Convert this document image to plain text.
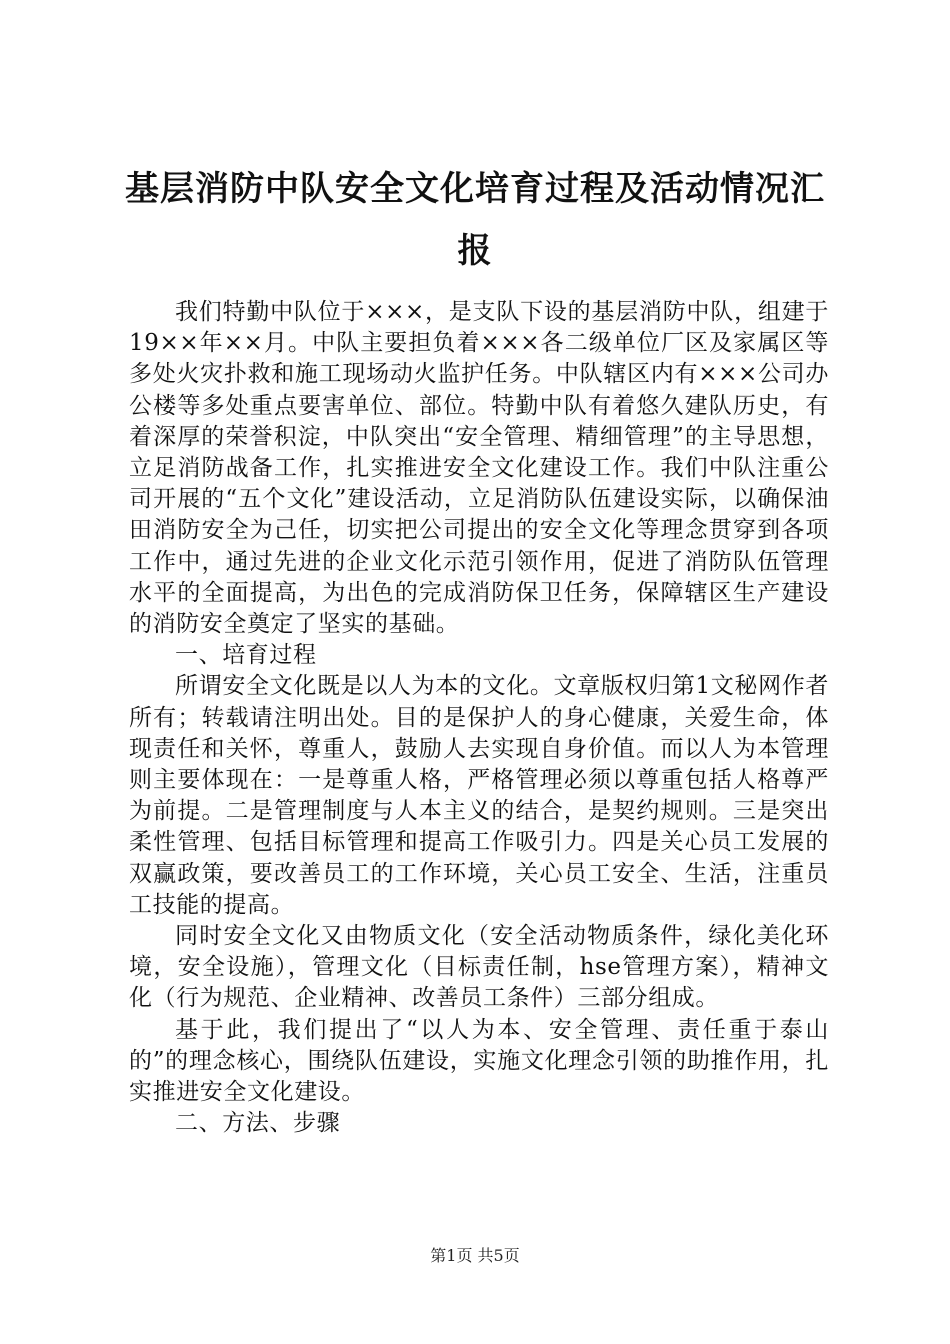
基层消防中队安全文化培育过程及活动情况汇报

我们特勤中队位于×××，是支队下设的基层消防中队，组建于19××年××月。中队主要担负着×××各二级单位厂区及家属区等多处火灾扑救和施工现场动火监护任务。中队辖区内有×××公司办公楼等多处重点要害单位、部位。特勤中队有着悠久建队历史，有着深厚的荣誉积淀，中队突出“安全管理、精细管理”的主导思想，立足消防战备工作，扎实推进安全文化建设工作。我们中队注重公司开展的“五个文化”建设活动，立足消防队伍建设实际，以确保油田消防安全为己任，切实把公司提出的安全文化等理念贯穿到各项工作中，通过先进的企业文化示范引领作用，促进了消防队伍管理水平的全面提高，为出色的完成消防保卫任务，保障辖区生产建设的消防安全奠定了坚实的基础。

一、培育过程

所谓安全文化既是以人为本的文化。文章版权归第1文秘网作者所有；转载请注明出处。目的是保护人的身心健康，关爱生命，体现责任和关怀，尊重人，鼓励人去实现自身价值。而以人为本管理则主要体现在：一是尊重人格，严格管理必须以尊重包括人格尊严为前提。二是管理制度与人本主义的结合，是契约规则。三是突出柔性管理、包括目标管理和提高工作吸引力。四是关心员工发展的双赢政策，要改善员工的工作环境，关心员工安全、生活，注重员工技能的提高。

同时安全文化又由物质文化（安全活动物质条件，绿化美化环境，安全设施），管理文化（目标责任制，hse管理方案），精神文化（行为规范、企业精神、改善员工条件）三部分组成。

基于此，我们提出了“以人为本、安全管理、责任重于泰山的”的理念核心，围绕队伍建设，实施文化理念引领的助推作用，扎实推进安全文化建设。

二、方法、步骤

第1页 共5页
